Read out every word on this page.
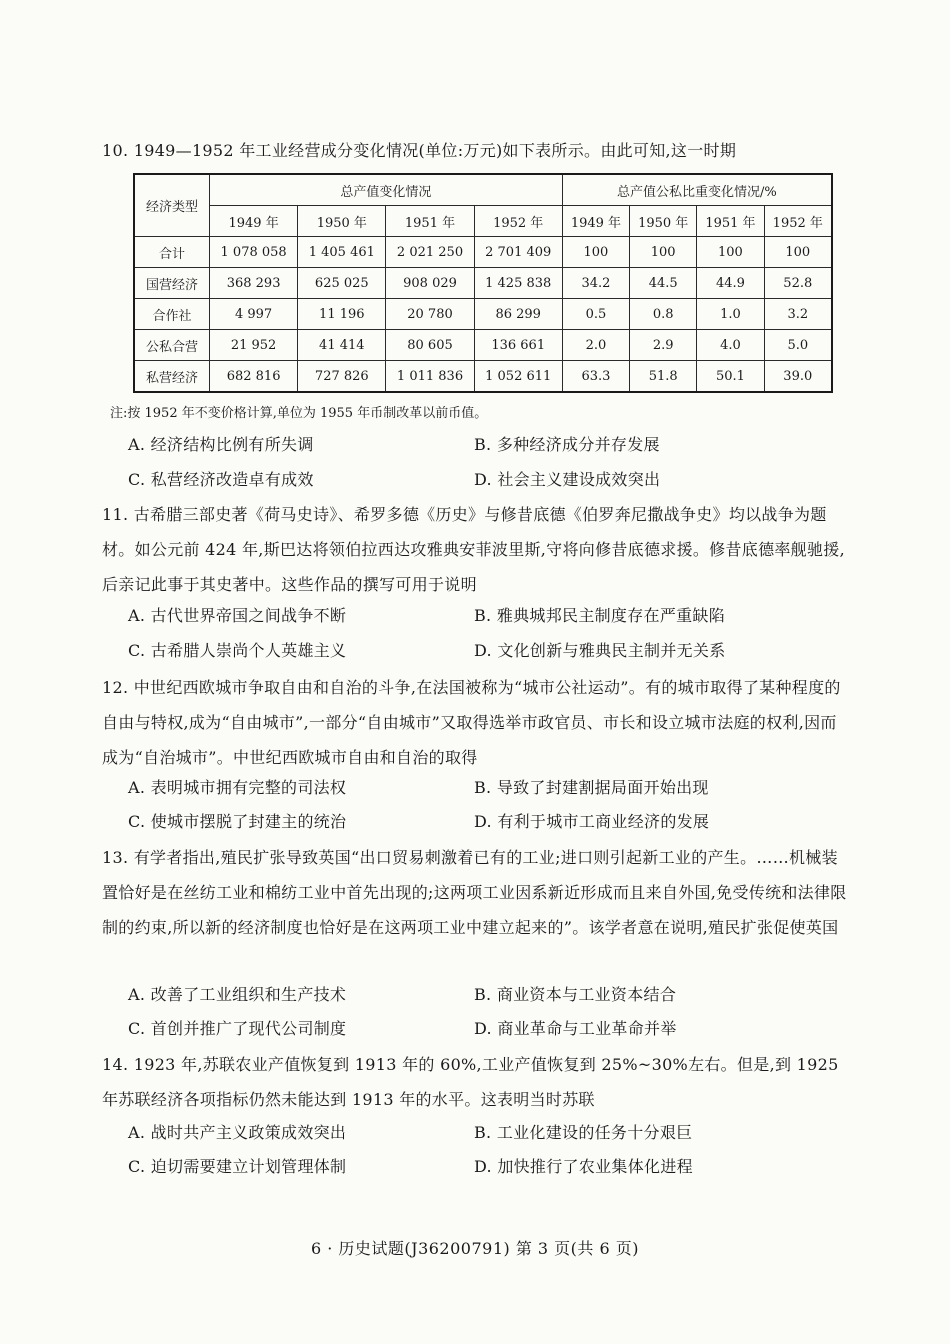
10. 1949—1952 年工业经营成分变化情况(单位:万元)如下表所示。由此可知,这一时期
经济类型	总产值变化情况				总产值公私比重变化情况/%			
	1949 年	1950 年	1951 年	1952 年	1949 年	1950 年	1951 年	1952 年
合计	1 078 058	1 405 461	2 021 250	2 701 409	100	100	100	100
国营经济	368 293	625 025	908 029	1 425 838	34.2	44.5	44.9	52.8
合作社	4 997	11 196	20 780	86 299	0.5	0.8	1.0	3.2
公私合营	21 952	41 414	80 605	136 661	2.0	2.9	4.0	5.0
私营经济	682 816	727 826	1 011 836	1 052 611	63.3	51.8	50.1	39.0
注:按 1952 年不变价格计算,单位为 1955 年币制改革以前币值。
A. 经济结构比例有所失调	B. 多种经济成分并存发展
C. 私营经济改造卓有成效	D. 社会主义建设成效突出
11. 古希腊三部史著《荷马史诗》、希罗多德《历史》与修昔底德《伯罗奔尼撒战争史》均以战争为题材。如公元前 424 年,斯巴达将领伯拉西达攻雅典安菲波里斯,守将向修昔底德求援。修昔底德率舰驰援,后亲记此事于其史著中。这些作品的撰写可用于说明
A. 古代世界帝国之间战争不断	B. 雅典城邦民主制度存在严重缺陷
C. 古希腊人崇尚个人英雄主义	D. 文化创新与雅典民主制并无关系
12. 中世纪西欧城市争取自由和自治的斗争,在法国被称为“城市公社运动”。有的城市取得了某种程度的自由与特权,成为“自由城市”,一部分“自由城市”又取得选举市政官员、市长和设立城市法庭的权利,因而成为“自治城市”。中世纪西欧城市自由和自治的取得
A. 表明城市拥有完整的司法权	B. 导致了封建割据局面开始出现
C. 使城市摆脱了封建主的统治	D. 有利于城市工商业经济的发展
13. 有学者指出,殖民扩张导致英国“出口贸易刺激着已有的工业;进口则引起新工业的产生。……机械装置恰好是在丝纺工业和棉纺工业中首先出现的;这两项工业因系新近形成而且来自外国,免受传统和法律限制的约束,所以新的经济制度也恰好是在这两项工业中建立起来的”。该学者意在说明,殖民扩张促使英国
A. 改善了工业组织和生产技术	B. 商业资本与工业资本结合
C. 首创并推广了现代公司制度	D. 商业革命与工业革命并举
14. 1923 年,苏联农业产值恢复到 1913 年的 60%,工业产值恢复到 25%~30%左右。但是,到 1925 年苏联经济各项指标仍然未能达到 1913 年的水平。这表明当时苏联
A. 战时共产主义政策成效突出	B. 工业化建设的任务十分艰巨
C. 迫切需要建立计划管理体制	D. 加快推行了农业集体化进程
6 · 历史试题(J36200791) 第 3 页(共 6 页)
